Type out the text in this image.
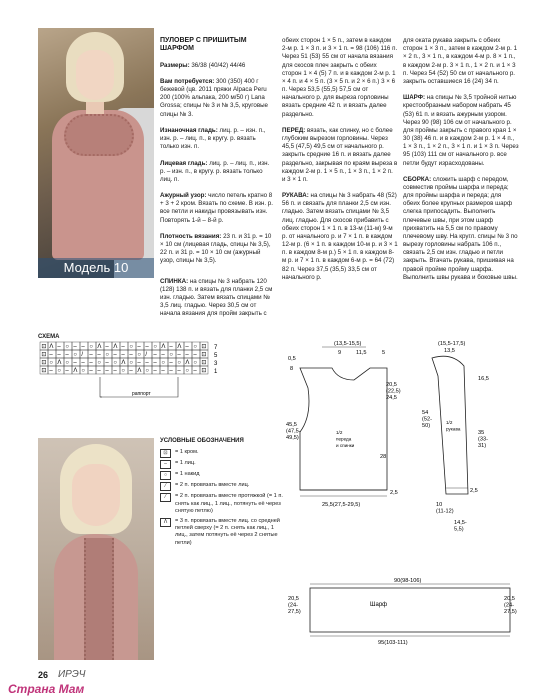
Модель 10

ПУЛОВЕР С ПРИШИТЫМ ШАРФОМ

Размеры: 36/38 (40/42) 44/46

Вам потребуется: 300 (350) 400 г бежевой (цв. 2011 пряжи Alpaca Peru 200 (100% альпака, 200 м/50 г) Lana Grossa; спицы № 3 и № 3,5, круговые спицы № 3.

Изнаночная гладь: лиц. р. – изн. п., изн. р. – лиц. п., в кругу. р. вязать только изн. п.

Лицевая гладь: лиц. р. – лиц. п., изн. р. – изн. п., в кругу. р. вязать только лиц. п.

Ажурный узор: число петель кратно 8 + 3 + 2 кром. Вязать по схеме. В изн. р. все петли и накиды провязывать изн. Повторять 1-й – 8-й р.

Плотность вязания: 23 п. и 31 р. = 10 × 10 см (лицевая гладь, спицы № 3,5), 22 п. и 31 р. = 10 × 10 см (ажурный узор, спицы № 3,5).

СПИНКА: на спицы № 3 набрать 120 (128) 138 п. и вязать для планки 2,5 см изн. гладью. Затем вязать спицами № 3,5 лиц. гладью. Через 30,5 см от начала вязания для пройм закрыть с

обеих сторон 1 × 5 п., затем в каждом 2-м р. 1 × 3 п. и 3 × 1 п. = 98 (106) 116 п. Через 51 (53) 55 см от начала вязания для скосов плеч закрыть с обеих сторон 1 × 4 (5) 7 п. и в каждом 2-м р. 1 × 4 п. и 4 × 5 п. (3 × 5 п. и 2 × 6 п.) 3 × 6 п. Через 53,5 (55,5) 57,5 см от начального р. для выреза горловины вязать средние 42 п. и вязать далее раздельно.

ПЕРЕД: вязать, как спинку, но с более глубоким вырезом горловины. Через 45,5 (47,5) 49,5 см от начального р. закрыть средние 16 п. и вязать далее раздельно, закрывая по краям выреза в каждом 2-м р. 1 × 5 п., 1 × 3 п., 1 × 2 п. и 3 × 1 п.

РУКАВА: на спицы № 3 набрать 48 (52) 56 п. и связать для планки 2,5 см изн. гладью. Затем вязать спицами № 3,5 лиц. гладью. Для скосов прибавить с обеих сторон 1 × 1 п. в 13-м (11-м) 9-м р. от начального р. и 7 × 1 п. в каждом 12-м р. (6 × 1 п. в каждом 10-м р. и 3 × 1 п. в каждом 8-м р.) 5 × 1 п. в каждом 8-м р. и 7 × 1 п. в каждом 6-м р. = 64 (72) 82 п. Через 37,5 (35,5) 33,5 см от начального р.

для оката рукава закрыть с обеих сторон 1 × 3 п., затем в каждом 2-м р. 1 × 2 п., 3 × 1 п., в каждом 4-м р. 8 × 1 п., в каждом 2-м р. 3 × 1 п., 1 × 2 п. и 1 × 3 п. Через 54 (52) 50 см от начального р. закрыть оставшиеся 16 (24) 34 п.

ШАРФ: на спицы № 3,5 тройной нитью крестообразным набором набрать 45 (53) 61 п. и вязать ажурным узором. Через 90 (98) 106 см от начального р. для проймы закрыть с правого края 1 × 30 (38) 46 п. и в каждом 2-м р. 1 × 4 п., 1 × 3 п., 1 × 2 п., 3 × 1 п. и 1 × 3 п. Через 95 (103) 111 см от начального р. все петли будут израсходованы.

СБОРКА: сложить шарф с передом, совместив проймы шарфа и переда; для проймы шарфа и переда; для обеих более крупных размеров шарф слегка припосадить. Выполнить плечевые швы, при этом шарф прихватить на 5,5 см по правому плечевому шву. На кругл. спицы № 3 по вырезу горловины набрать 106 п., связать 2,5 см изн. гладью и петли закрыть. Втачать рукава, пришивая на правой пройме пройму шарфа. Выполнить швы рукава и боковые швы.

СХЕМА
⊡ Λ – ○ – – ○ Λ – Λ – ○ – – ○ Λ – Λ – ○ ⊡
⊡ – – – ○ / – – ○ – – – ○ / – – ○ – – – ⊡
⊡ ○ Λ ○ – – – ○ – ○ Λ ○ – – – ○ – ○ Λ ○ ⊡
⊡ – ○ – Λ ○ – – – – ○ – Λ ○ – – – – ○ – ⊡
7
5
3
1
раппорт
УСЛОВНЫЕ ОБОЗНАЧЕНИЯ
⊡	= 1 кром.
–	= 1 лиц.
○	= 1 накид
⁄	= 2 п. провязать вместе лиц.
⁄	= 2 п. провязать вместе протяжкой (= 1 п. снять как лиц., 1 лиц., потянуть её через снятую петлю)
Λ	= 3 п. провязать вместе лиц. со средней петлей сверху (= 2 п. снять как лиц., 1 лиц., затем потянуть её через 2 снятые петли)
(13,5-15,5)
9	11,5	5
0,5
8
20,5 (22,5) 24,5
45,5 (47,5-49,5)
28
2,5
25,5(27,5-29,5)
1/2 переда и спинки
(15,5-17,5)
13,5
16,5
54 (52-50)
35 (33-31)
2,5
10 (11-12)
14,5-5,5)
1/2 рукава
90(98-106)
Шарф
20,5 (24-27,5)
20,5 (24-27,5)
95(103-111)
26 ИРЭЧ
Страна Мам
